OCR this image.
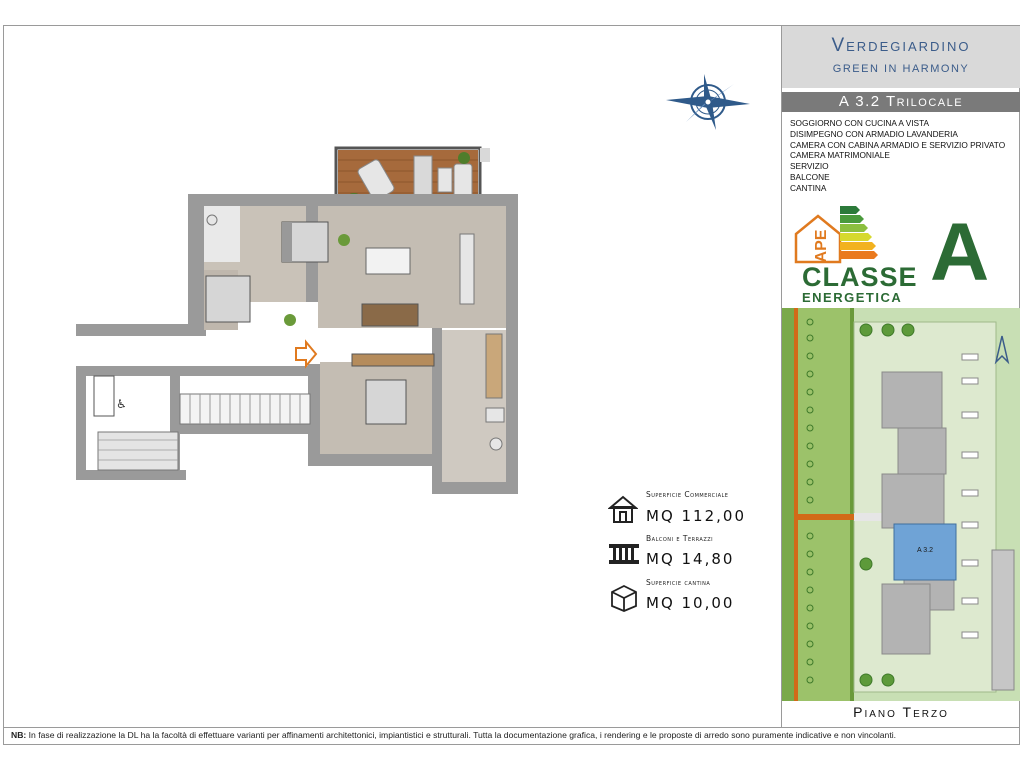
♿
Verdegiardino
GREEN IN HARMONY
A 3.2 Trilocale
SOGGIORNO CON CUCINA A VISTA
DISIMPEGNO CON ARMADIO LAVANDERIA
CAMERA CON CABINA ARMADIO E SERVIZIO PRIVATO
CAMERA MATRIMONIALE
SERVIZIO
BALCONE
CANTINA
APE
CLASSE
ENERGETICA A
A 3.2
Piano Terzo
Superficie Commerciale
MQ 112,00
Balconi e Terrazzi
MQ 14,80
Superficie cantina
MQ 10,00
NB: In fase di realizzazione la DL ha la facoltà di effettuare varianti per affinamenti architettonici, impiantistici e strutturali. Tutta la documentazione grafica, i rendering e le proposte di arredo sono puramente indicative e non vincolanti.
